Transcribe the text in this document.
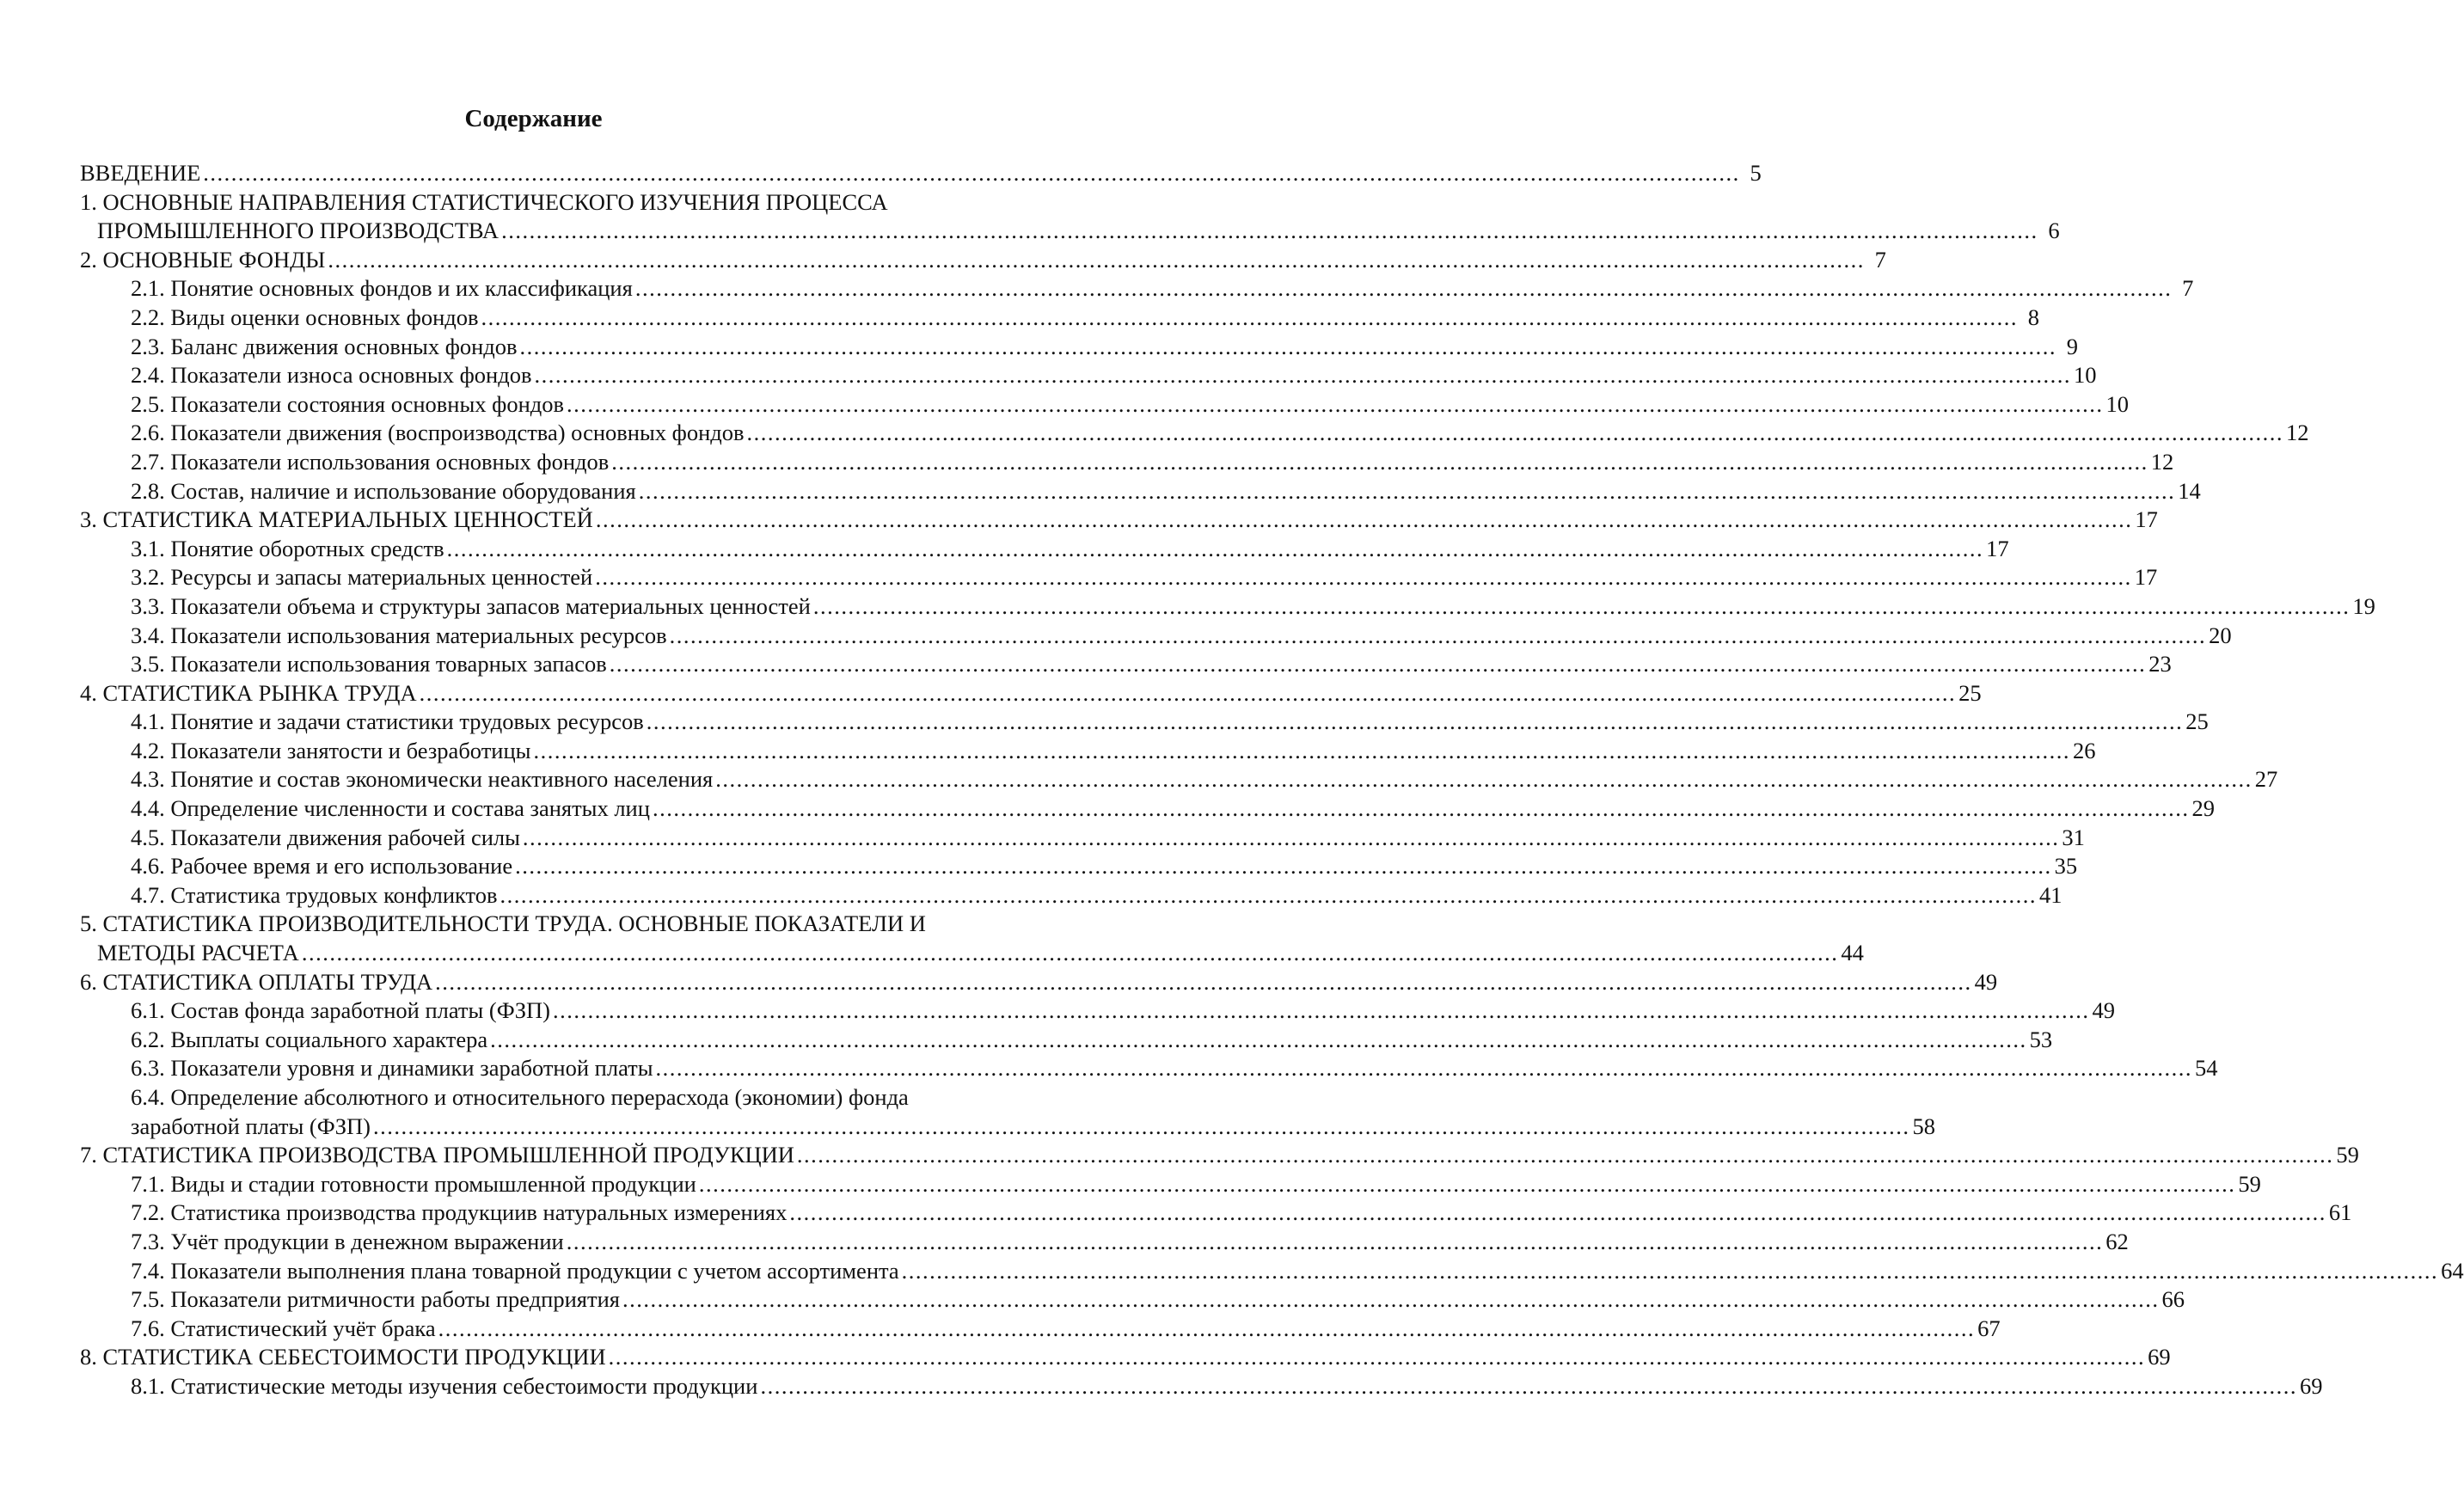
Содержание
ВВЕДЕНИЕ ............................................................................................................................................................................................................................ 5
1. ОСНОВНЫЕ НАПРАВЛЕНИЯ СТАТИСТИЧЕСКОГО ИЗУЧЕНИЯ ПРОЦЕССА
ПРОМЫШЛЕННОГО ПРОИЗВОДСТВА ............................................................................................................................................................................................................................ 6
2. ОСНОВНЫЕ ФОНДЫ ............................................................................................................................................................................................................................ 7
2.1. Понятие основных фондов и их классификация ............................................................................................................................................................................................................................ 7
2.2. Виды оценки основных фондов ............................................................................................................................................................................................................................ 8
2.3. Баланс движения основных фондов ............................................................................................................................................................................................................................ 9
2.4. Показатели износа основных фондов ............................................................................................................................................................................................................................ 10
2.5. Показатели состояния основных фондов ............................................................................................................................................................................................................................ 10
2.6. Показатели движения (воспроизводства) основных фондов ............................................................................................................................................................................................................................ 12
2.7. Показатели использования основных фондов ............................................................................................................................................................................................................................ 12
2.8. Состав, наличие и использование оборудования ............................................................................................................................................................................................................................ 14
3. СТАТИСТИКА МАТЕРИАЛЬНЫХ ЦЕННОСТЕЙ ............................................................................................................................................................................................................................ 17
3.1. Понятие оборотных средств ............................................................................................................................................................................................................................ 17
3.2. Ресурсы и запасы материальных ценностей ............................................................................................................................................................................................................................ 17
3.3. Показатели объема и структуры запасов материальных ценностей ............................................................................................................................................................................................................................ 19
3.4. Показатели использования материальных ресурсов ............................................................................................................................................................................................................................ 20
3.5. Показатели использования товарных запасов ............................................................................................................................................................................................................................ 23
4. СТАТИСТИКА РЫНКА ТРУДА ............................................................................................................................................................................................................................ 25
4.1. Понятие и задачи статистики трудовых ресурсов ............................................................................................................................................................................................................................ 25
4.2. Показатели занятости и безработицы ............................................................................................................................................................................................................................ 26
4.3. Понятие и состав экономически неактивного населения ............................................................................................................................................................................................................................ 27
4.4. Определение численности и состава занятых лиц ............................................................................................................................................................................................................................ 29
4.5. Показатели движения рабочей силы ............................................................................................................................................................................................................................ 31
4.6. Рабочее время и его использование ............................................................................................................................................................................................................................ 35
4.7. Статистика трудовых конфликтов ............................................................................................................................................................................................................................ 41
5. СТАТИСТИКА ПРОИЗВОДИТЕЛЬНОСТИ ТРУДА. ОСНОВНЫЕ ПОКАЗАТЕЛИ И
МЕТОДЫ РАСЧЕТА ............................................................................................................................................................................................................................ 44
6. СТАТИСТИКА ОПЛАТЫ ТРУДА ............................................................................................................................................................................................................................ 49
6.1. Состав фонда заработной платы (ФЗП) ............................................................................................................................................................................................................................ 49
6.2. Выплаты социального характера ............................................................................................................................................................................................................................ 53
6.3. Показатели уровня и динамики заработной платы ............................................................................................................................................................................................................................ 54
6.4. Определение абсолютного и относительного перерасхода (экономии) фонда
заработной платы (ФЗП) ............................................................................................................................................................................................................................ 58
7. СТАТИСТИКА ПРОИЗВОДСТВА ПРОМЫШЛЕННОЙ ПРОДУКЦИИ ............................................................................................................................................................................................................................ 59
7.1. Виды и стадии готовности промышленной продукции ............................................................................................................................................................................................................................ 59
7.2. Статистика производства продукциив натуральных измерениях ............................................................................................................................................................................................................................ 61
7.3. Учёт продукции в денежном выражении ............................................................................................................................................................................................................................ 62
7.4. Показатели выполнения плана товарной продукции с учетом ассортимента ............................................................................................................................................................................................................................ 64
7.5. Показатели ритмичности работы предприятия ............................................................................................................................................................................................................................ 66
7.6. Статистический учёт брака ............................................................................................................................................................................................................................ 67
8. СТАТИСТИКА СЕБЕСТОИМОСТИ ПРОДУКЦИИ ............................................................................................................................................................................................................................ 69
8.1. Статистические методы изучения себестоимости продукции ............................................................................................................................................................................................................................ 69
